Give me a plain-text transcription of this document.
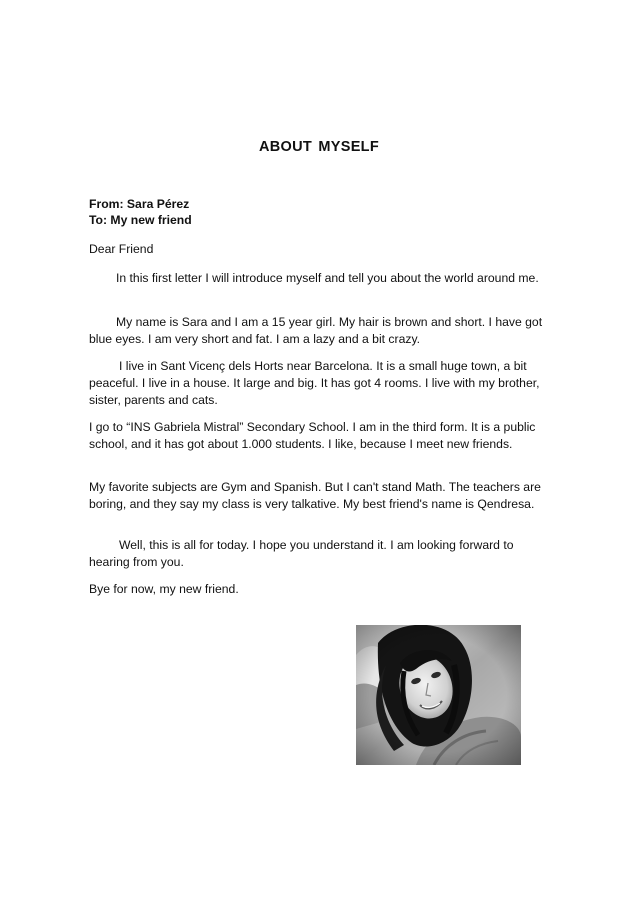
ABOUT MYSELF

From: Sara Pérez

To: My new friend

Dear Friend

In this first letter I will introduce myself and tell you about the world around me.

My name is Sara and I am a 15 year girl. My hair is brown and short. I have got blue eyes. I am very short and fat. I am a lazy and a bit crazy.

I live in Sant Vicenç dels Horts near Barcelona. It is a small huge town, a bit peaceful. I live in a house. It large and big. It has got 4 rooms. I live with my brother, sister, parents and cats.

I go to “INS Gabriela Mistral” Secondary School. I am in the third form. It is a public school, and it has got about 1.000 students. I like, because I meet new friends.

My favorite subjects are Gym and Spanish. But I can't stand Math. The teachers are boring, and they say my class is very talkative. My best friend's name is Qendresa.

Well, this is all for today. I hope you understand it. I am looking forward to hearing from you.

Bye for now, my new friend.
